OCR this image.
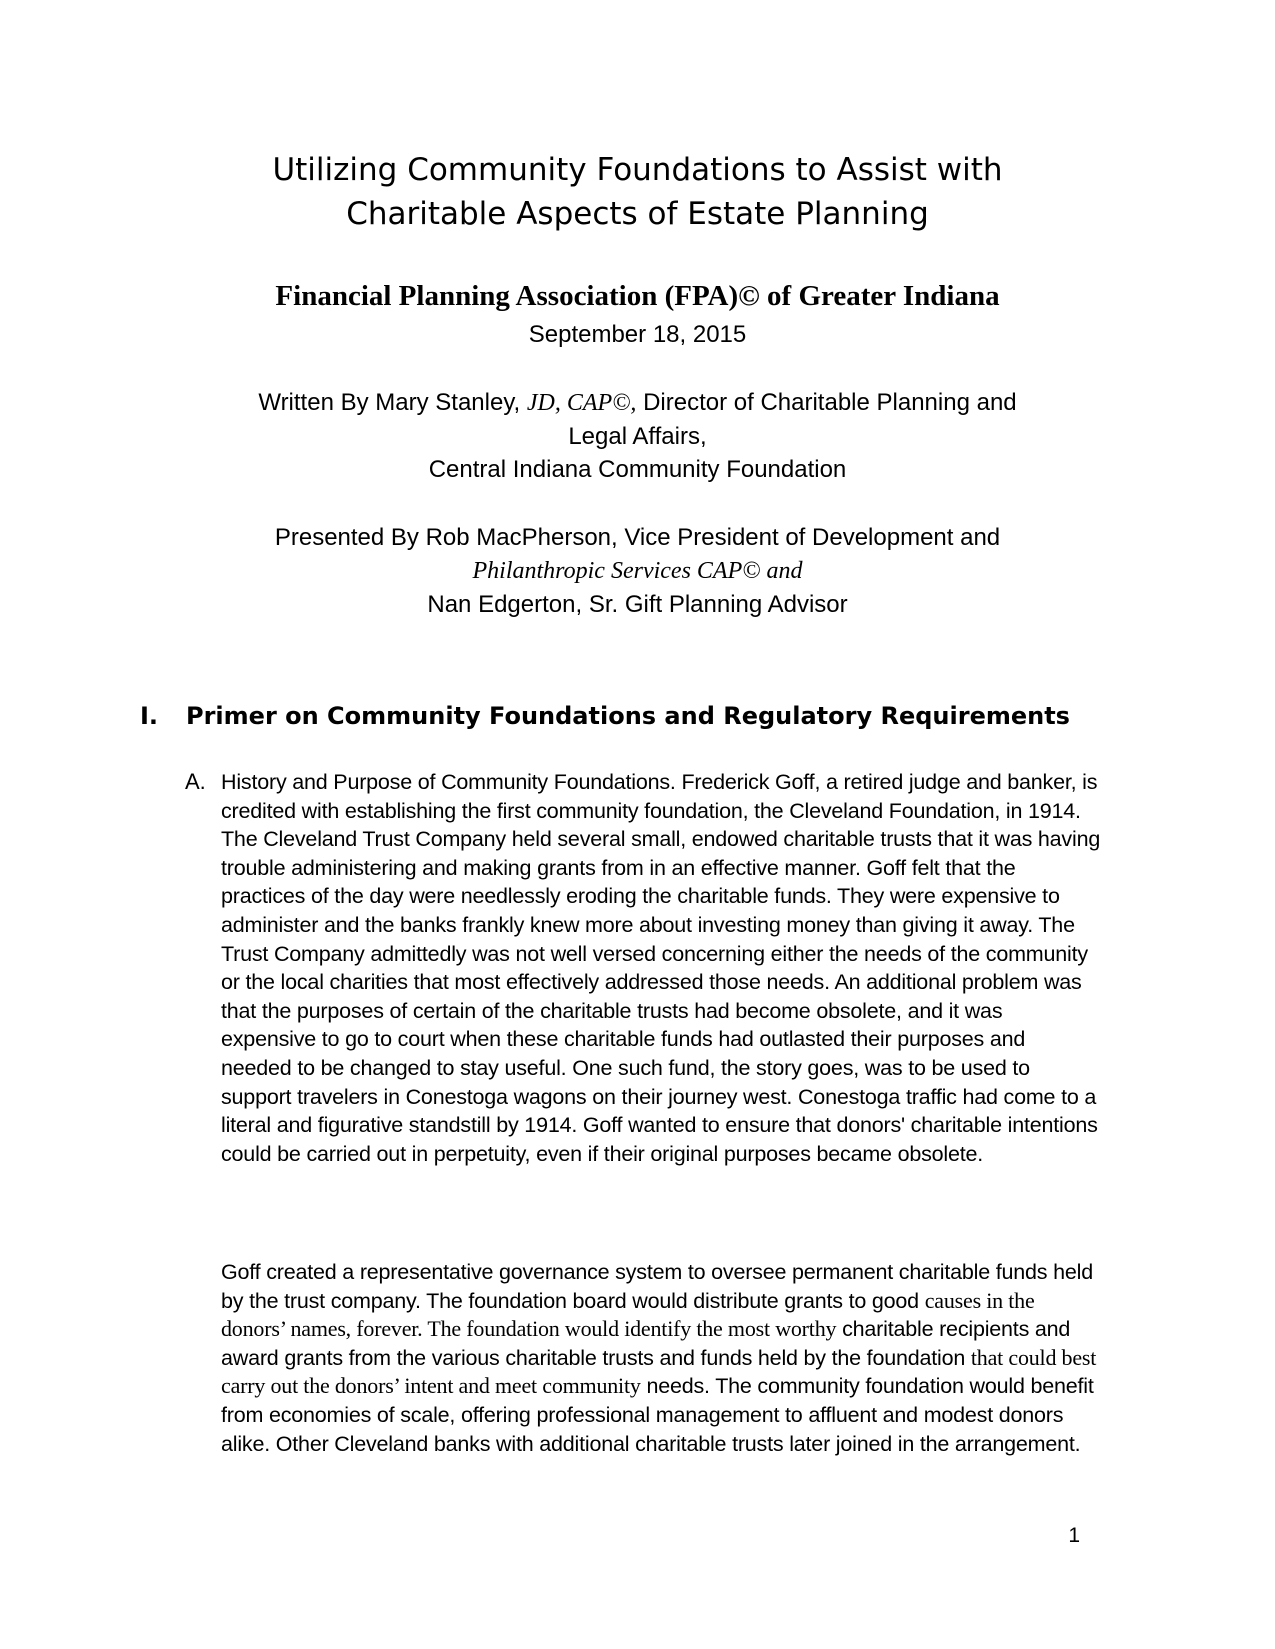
Utilizing Community Foundations to Assist with
Charitable Aspects of Estate Planning
Financial Planning Association (FPA)© of Greater Indiana

September 18, 2015

Written By Mary Stanley, JD, CAP©, Director of Charitable Planning and
Legal Affairs,
Central Indiana Community Foundation

Presented By Rob MacPherson, Vice President of Development and
Philanthropic Services CAP© and
Nan Edgerton, Sr. Gift Planning Advisor

I. Primer on Community Foundations and Regulatory Requirements
A. History and Purpose of Community Foundations. Frederick Goff, a retired judge and banker, is credited with establishing the first community foundation, the Cleveland Foundation, in 1914. The Cleveland Trust Company held several small, endowed charitable trusts that it was having trouble administering and making grants from in an effective manner. Goff felt that the practices of the day were needlessly eroding the charitable funds. They were expensive to administer and the banks frankly knew more about investing money than giving it away. The Trust Company admittedly was not well versed concerning either the needs of the community or the local charities that most effectively addressed those needs. An additional problem was that the purposes of certain of the charitable trusts had become obsolete, and it was expensive to go to court when these charitable funds had outlasted their purposes and needed to be changed to stay useful. One such fund, the story goes, was to be used to support travelers in Conestoga wagons on their journey west. Conestoga traffic had come to a literal and figurative standstill by 1914. Goff wanted to ensure that donors' charitable intentions could be carried out in perpetuity, even if their original purposes became obsolete.

Goff created a representative governance system to oversee permanent charitable funds held by the trust company. The foundation board would distribute grants to good causes in the donors’ names, forever. The foundation would identify the most worthy charitable recipients and award grants from the various charitable trusts and funds held by the foundation that could best carry out the donors’ intent and meet community needs. The community foundation would benefit from economies of scale, offering professional management to affluent and modest donors alike. Other Cleveland banks with additional charitable trusts later joined in the arrangement.

1
